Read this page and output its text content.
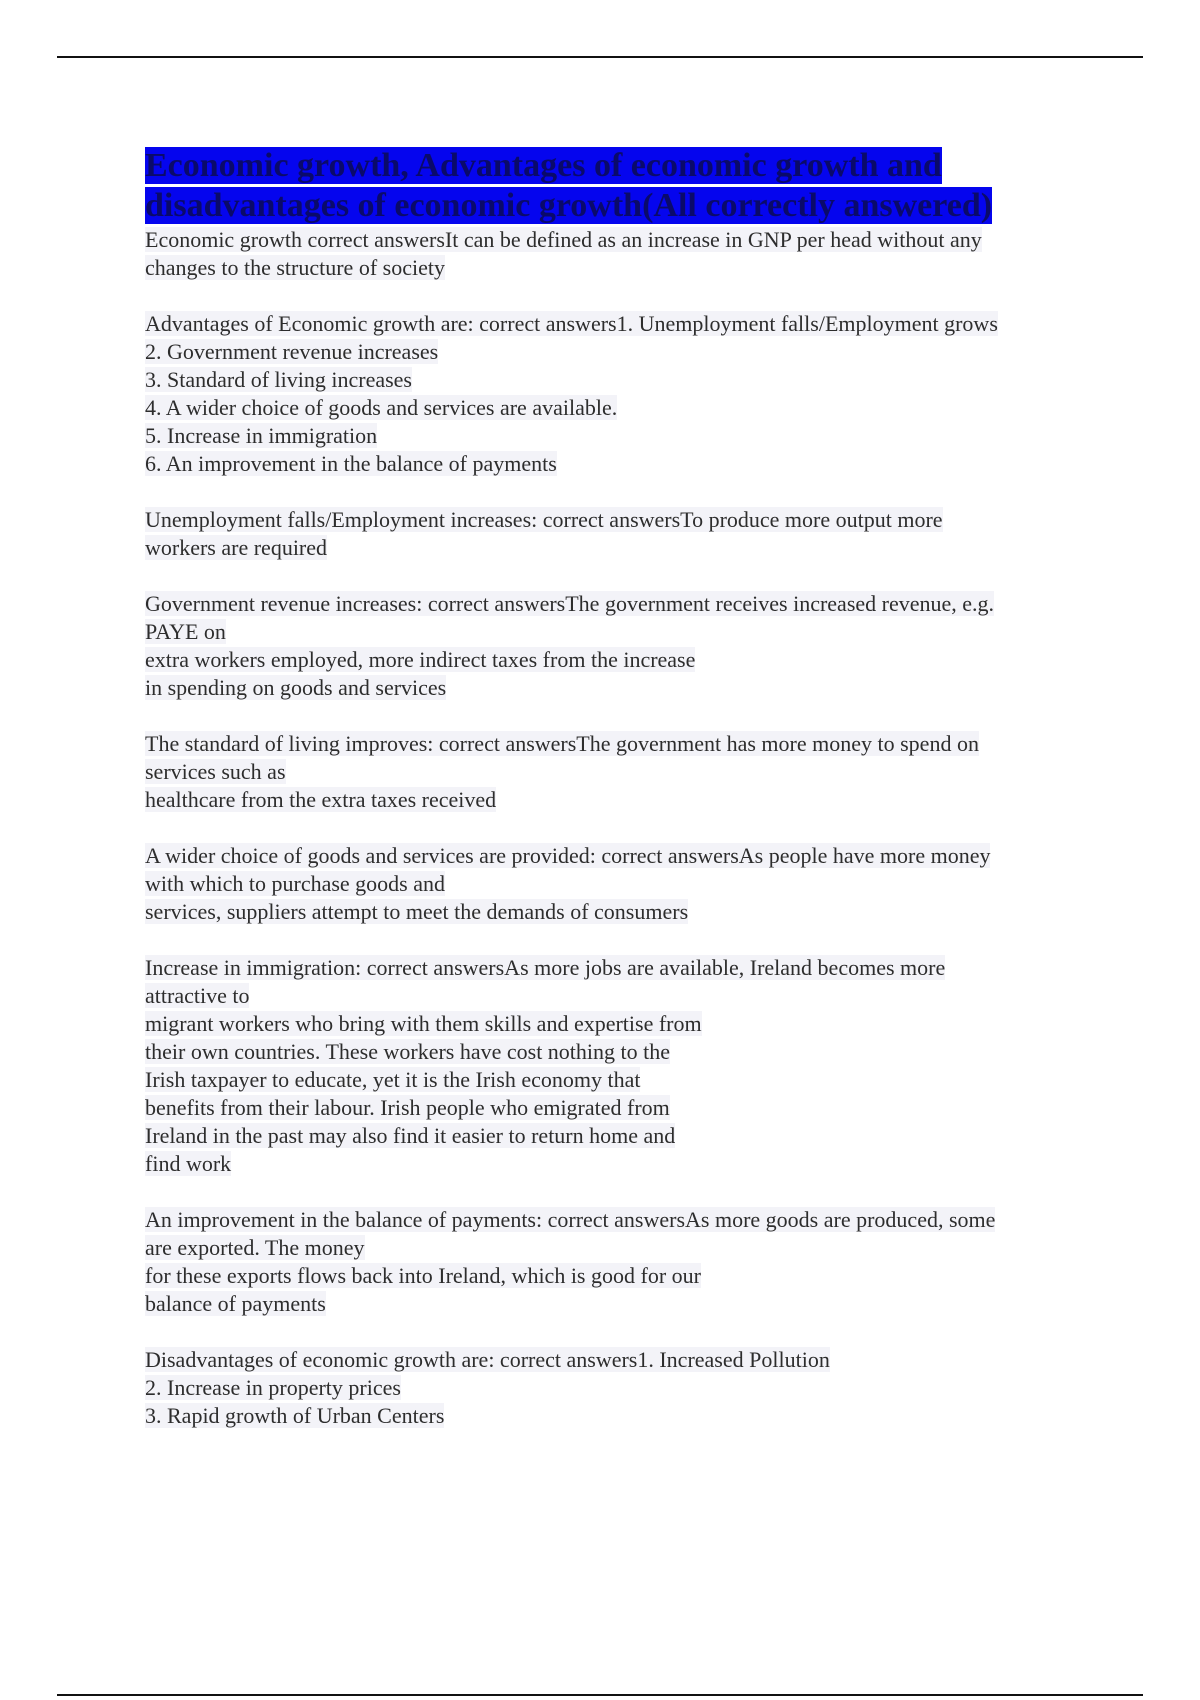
Economic growth, Advantages of economic growth and
disadvantages of economic growth(All correctly answered)
Economic growth correct answersIt can be defined as an increase in GNP per head without any
changes to the structure of society
Advantages of Economic growth are: correct answers1. Unemployment falls/Employment grows
2. Government revenue increases
3. Standard of living increases
4. A wider choice of goods and services are available.
5. Increase in immigration
6. An improvement in the balance of payments
Unemployment falls/Employment increases: correct answersTo produce more output more
workers are required
Government revenue increases: correct answersThe government receives increased revenue, e.g.
PAYE on
extra workers employed, more indirect taxes from the increase
in spending on goods and services
The standard of living improves: correct answersThe government has more money to spend on
services such as
healthcare from the extra taxes received
A wider choice of goods and services are provided: correct answersAs people have more money
with which to purchase goods and
services, suppliers attempt to meet the demands of consumers
Increase in immigration: correct answersAs more jobs are available, Ireland becomes more
attractive to
migrant workers who bring with them skills and expertise from
their own countries. These workers have cost nothing to the
Irish taxpayer to educate, yet it is the Irish economy that
benefits from their labour. Irish people who emigrated from
Ireland in the past may also find it easier to return home and
find work
An improvement in the balance of payments: correct answersAs more goods are produced, some
are exported. The money
for these exports flows back into Ireland, which is good for our
balance of payments
Disadvantages of economic growth are: correct answers1. Increased Pollution
2. Increase in property prices
3. Rapid growth of Urban Centers
